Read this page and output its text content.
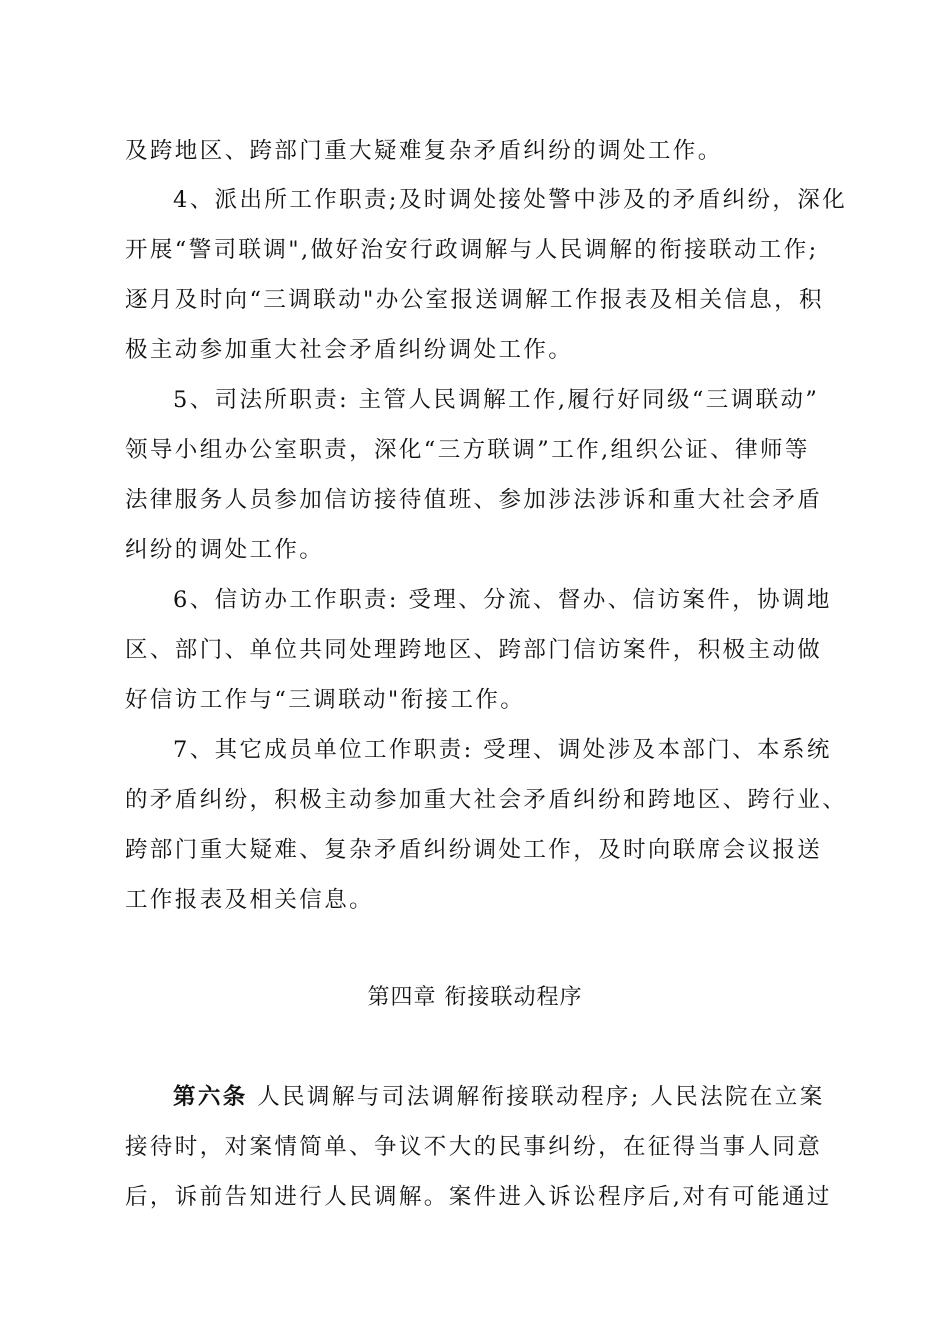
及跨地区、跨部门重大疑难复杂矛盾纠纷的调处工作。
4、派出所工作职责;及时调处接处警中涉及的矛盾纠纷，深化
开展“警司联调",做好治安行政调解与人民调解的衔接联动工作;
逐月及时向“三调联动"办公室报送调解工作报表及相关信息，积
极主动参加重大社会矛盾纠纷调处工作。
5、司法所职责: 主管人民调解工作,履行好同级“三调联动”
领导小组办公室职责，深化“三方联调”工作,组织公证、律师等
法律服务人员参加信访接待值班、参加涉法涉诉和重大社会矛盾
纠纷的调处工作。
6、信访办工作职责: 受理、分流、督办、信访案件，协调地
区、部门、单位共同处理跨地区、跨部门信访案件，积极主动做
好信访工作与“三调联动"衔接工作。
7、其它成员单位工作职责: 受理、调处涉及本部门、本系统
的矛盾纠纷，积极主动参加重大社会矛盾纠纷和跨地区、跨行业、
跨部门重大疑难、复杂矛盾纠纷调处工作，及时向联席会议报送
工作报表及相关信息。
第四章 衔接联动程序
第六条 人民调解与司法调解衔接联动程序; 人民法院在立案
接待时，对案情简单、争议不大的民事纠纷，在征得当事人同意
后，诉前告知进行人民调解。案件进入诉讼程序后,对有可能通过
